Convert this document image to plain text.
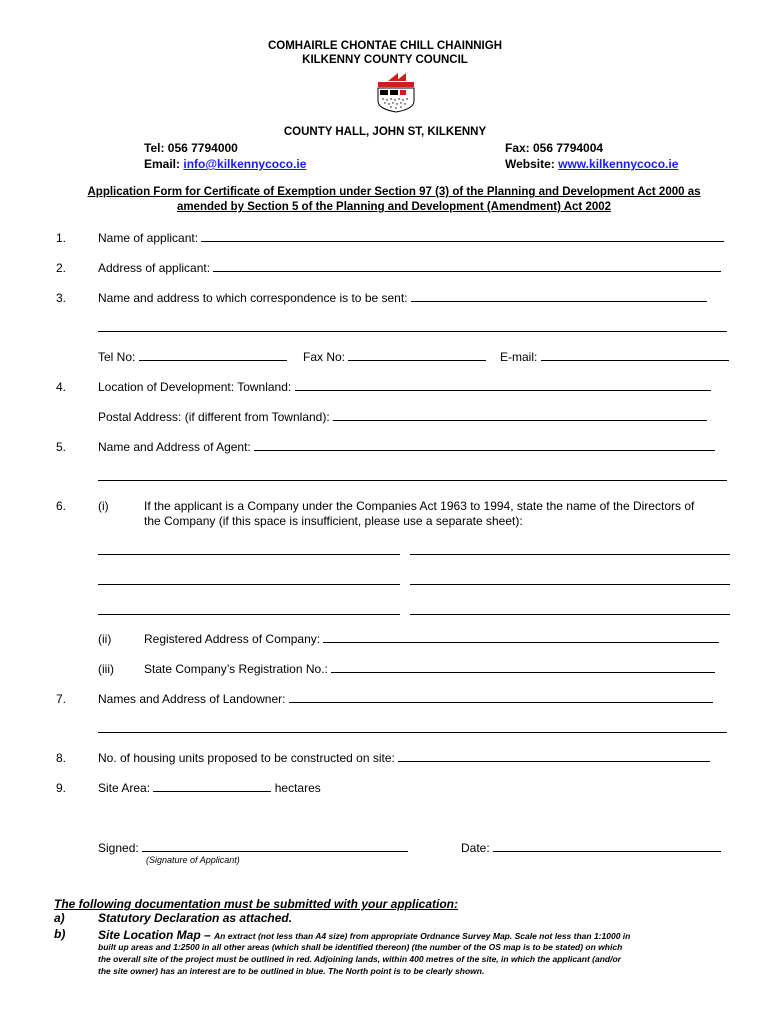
COMHAIRLE CHONTAE CHILL CHAINNIGH
KILKENNY COUNTY COUNCIL
COUNTY HALL, JOHN ST, KILKENNY
Tel: 056 7794000
Email: info@kilkennycoco.ie
Fax: 056 7794004
Website: www.kilkennycoco.ie
Application Form for Certificate of Exemption under Section 97 (3) of the Planning and Development Act 2000 as
amended by Section 5 of the Planning and Development (Amendment) Act 2002
1.	Name of applicant:
2.	Address of applicant:
3.	Name and address to which correspondence is to be sent:
Tel No:	Fax No:	E-mail:
4.	Location of Development: Townland:
Postal Address: (if different from Townland):
5.	Name and Address of Agent:
6.	(i)	If the applicant is a Company under the Companies Act 1963 to 1994, state the name of the Directors of
the Company (if this space is insufficient, please use a separate sheet):
(ii)	Registered Address of Company:
(iii)	State Company’s Registration No.:
7.	Names and Address of Landowner:
8.	No. of housing units proposed to be constructed on site:
9.	Site Area:	hectares
Signed:
(Signature of Applicant)
Date:
The following documentation must be submitted with your application:
a)	Statutory Declaration as attached.
b)	Site Location Map – An extract (not less than A4 size) from appropriate Ordnance Survey Map. Scale not less than 1:1000 in
built up areas and 1:2500 in all other areas (which shall be identified thereon) (the number of the OS map is to be stated) on which
the overall site of the project must be outlined in red. Adjoining lands, within 400 metres of the site, in which the applicant (and/or
the site owner) has an interest are to be outlined in blue. The North point is to be clearly shown.
